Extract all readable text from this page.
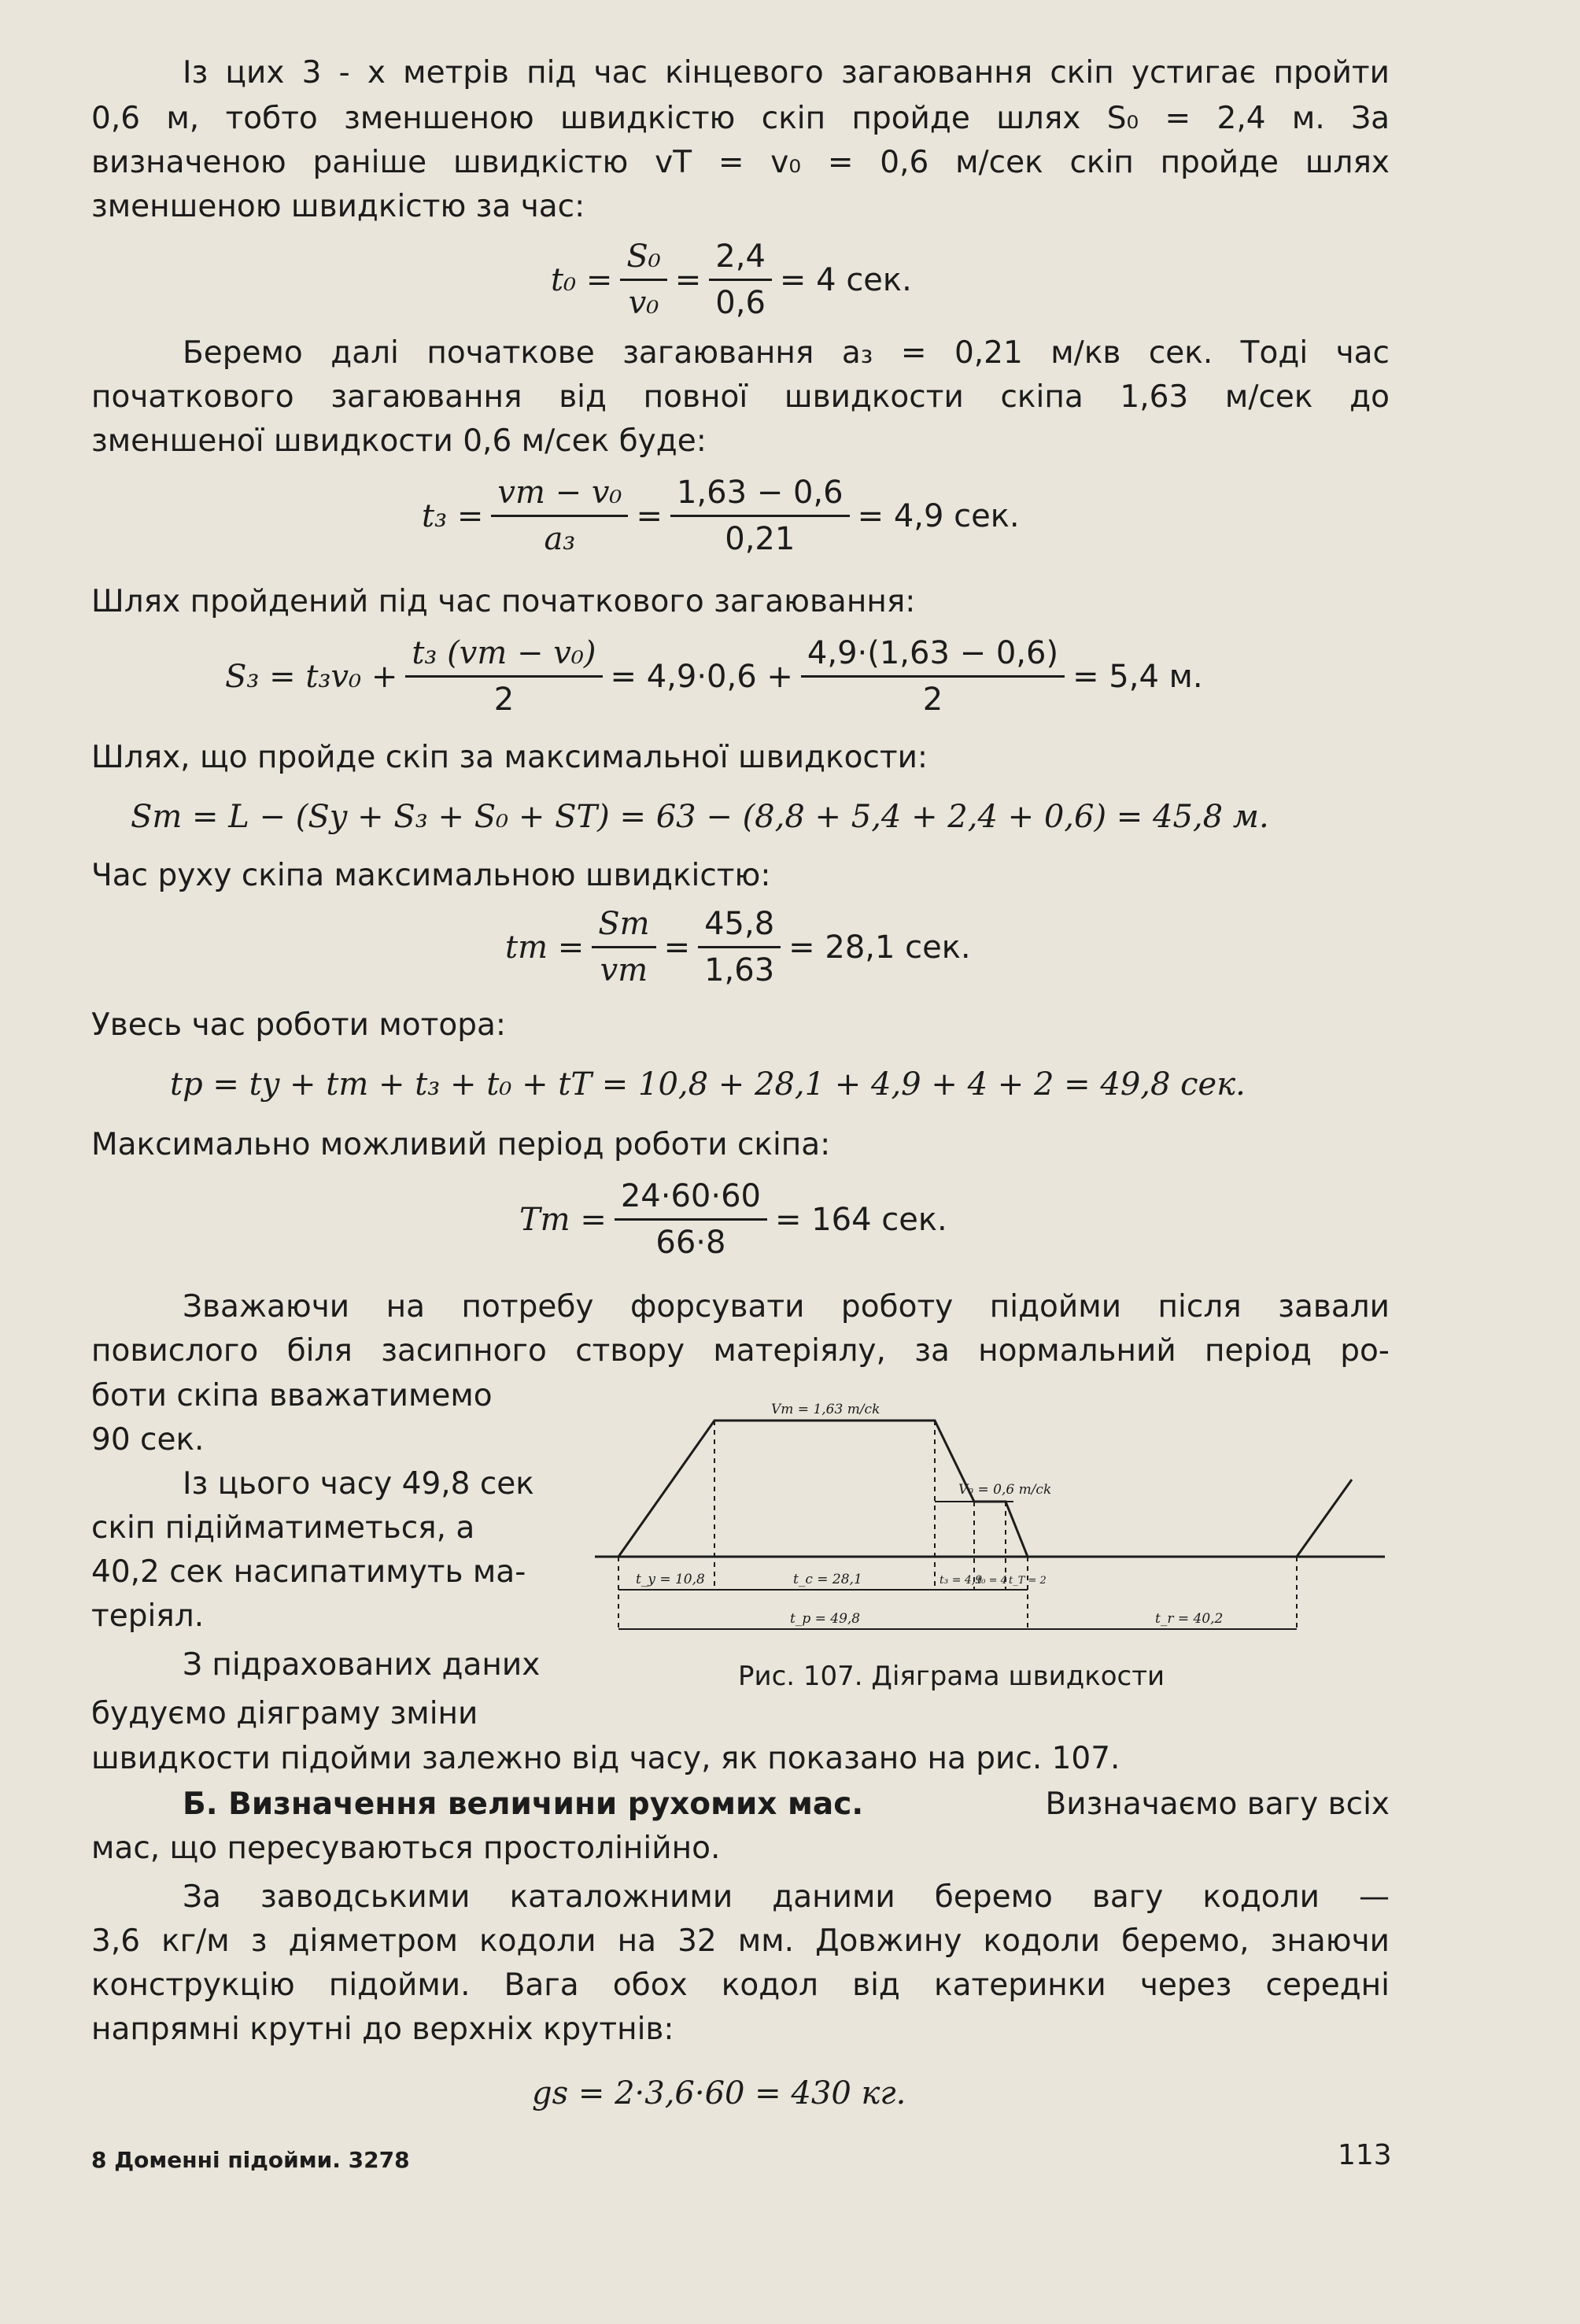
Із цих 3 - х метрів під час кінцевого загаювання скіп устигає пройти
0,6 м, тобто зменшеною швидкістю скіп пройде шлях S₀ = 2,4 м. За
визначеною раніше швидкістю vT = v₀ = 0,6 м/сек скіп пройде шлях
зменшеною швидкістю за час:
$t_0 = \frac{\text{S₀}}{\text{v₀}} = \frac{2,4}{0,6} = 4$ сек.
Беремо далі початкове загаювання a₃ = 0,21 м/кв сек. Тоді час
початкового загаювання від повної швидкости скіпа 1,63 м/сек до
зменшеної швидкости 0,6 м/сек буде:
$t_3 = \frac{\text{vm − v₀}}{\text{a₃}} = \frac{1,63 - 0,6}{0,21} = 4,9$ сек.
Шлях пройдений під час початкового загаювання:
$S_3 = t_3v_0 + \frac{\text{t₃ (vm − v₀)}}{2} = 4,9\cdot 0,6 + \frac{4,9\cdot(1,63 - 0,6)}{2} = 5,4$ м.
Шлях, що пройде скіп за максимальної швидкости:
Sm = L − (Sy + S₃ + S₀ + ST) = 63 − (8,8 + 5,4 + 2,4 + 0,6) = 45,8 м.
Час руху скіпа максимальною швидкістю:
tm = $\frac{Sm}{vm} = \frac{45,8}{1,63} = 28,1$ сек.
Увесь час роботи мотора:
tp = ty + tm + t₃ + t₀ + tT = 10,8 + 28,1 + 4,9 + 4 + 2 = 49,8 сек.
Максимально можливий період роботи скіпа:
$Tm = \frac{24\cdot 60\cdot 60}{66\cdot 8} = 164$ сек.
Зважаючи на потребу форсувати роботу підойми після завали
повислого біля засипного створу матеріялу, за нормальний період ро-
боти скіпа вважатимемо
90 сек.
Із цього часу 49,8 сек
скіп підійматиметься, а
40,2 сек насипатимуть ма-
теріял.
З підрахованих даних
будуємо діяграму зміни
Vm = 1,63 m/ck
V₀ = 0,6 m/ck
t_y = 10,8	t_c = 28,1	t₃ = 4,9
t₀ = 4 t_T = 2
t_p = 49,8	t_r = 40,2
Рис. 107. Діяграма швидкости
швидкости підойми залежно від часу, як показано на рис. 107.
Б. Визначення величини рухомих мас.	Визначаємо вагу всіх
мас, що пересуваються простолінійно.
За заводськими каталожними даними беремо вагу кодоли —
3,6 кг/м з діяметром кодоли на 32 мм. Довжину кодоли беремо, знаючи
конструкцію підойми. Вага обох кодол від катеринки через середні
напрямні крутні до верхніх крутнів:
gs = 2·3,6·60 = 430 кг.
8 Доменні підойми. 3278	113
